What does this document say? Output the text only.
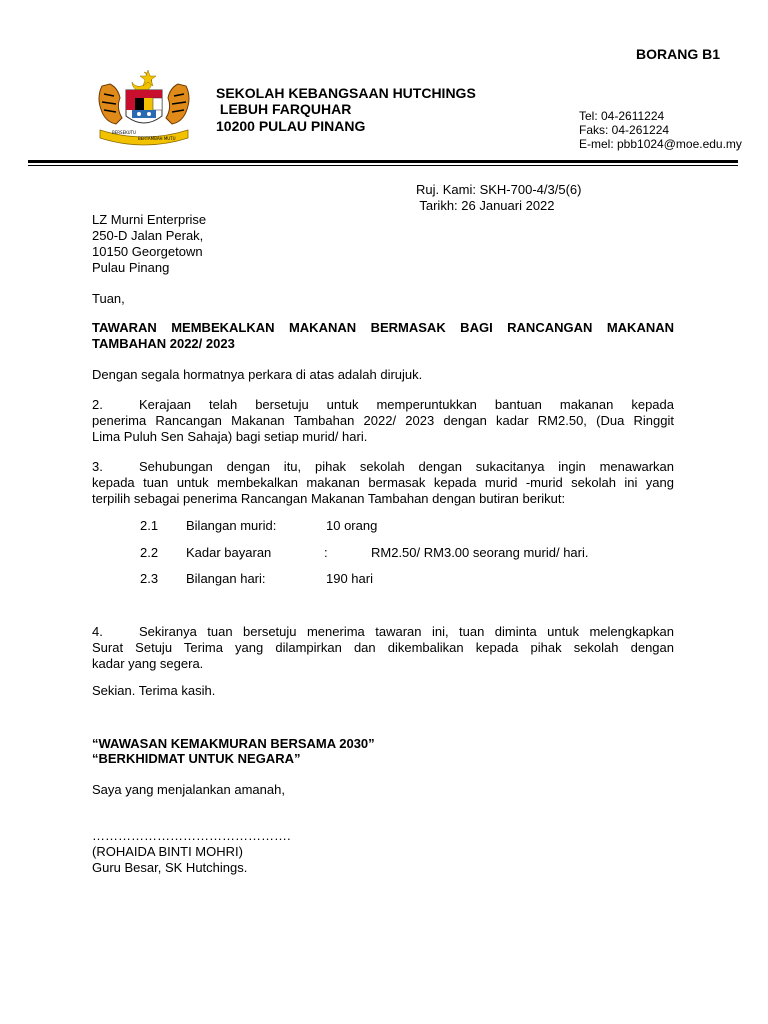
BORANG B1
BERSEKUTU
BERTAMBAH MUTU
SEKOLAH KEBANGSAAN HUTCHINGS
LEBUH FARQUHAR
10200 PULAU PINANG
Tel: 04-2611224
Faks: 04-261224
E-mel: pbb1024@moe.edu.my
Ruj. Kami: SKH-700-4/3/5(6)
Tarikh: 26 Januari 2022
LZ Murni Enterprise
250-D Jalan Perak,
10150 Georgetown
Pulau Pinang
Tuan,
TAWARAN MEMBEKALKAN MAKANAN BERMASAK BAGI RANCANGAN MAKANAN
TAMBAHAN 2022/ 2023
Dengan segala hormatnya perkara di atas adalah dirujuk.
2.	Kerajaan telah bersetuju untuk memperuntukkan bantuan makanan kepada
penerima Rancangan Makanan Tambahan 2022/ 2023 dengan kadar RM2.50, (Dua Ringgit
Lima Puluh Sen Sahaja) bagi setiap murid/ hari.
3.	Sehubungan dengan itu, pihak sekolah dengan sukacitanya ingin menawarkan
kepada tuan untuk membekalkan makanan bermasak kepada murid -murid sekolah ini yang
terpilih sebagai penerima Rancangan Makanan Tambahan dengan butiran berikut:
2.1 Bilangan murid:	10 orang
2.2 Kadar bayaran	:	RM2.50/ RM3.00 seorang murid/ hari.
2.3 Bilangan hari:	190 hari
4.	Sekiranya tuan bersetuju menerima tawaran ini, tuan diminta untuk melengkapkan
Surat Setuju Terima yang dilampirkan dan dikembalikan kepada pihak sekolah dengan
kadar yang segera.
Sekian. Terima kasih.
“WAWASAN KEMAKMURAN BERSAMA 2030”
“BERKHIDMAT UNTUK NEGARA”
Saya yang menjalankan amanah,
……………………………………….
(ROHAIDA BINTI MOHRI)
Guru Besar, SK Hutchings.
